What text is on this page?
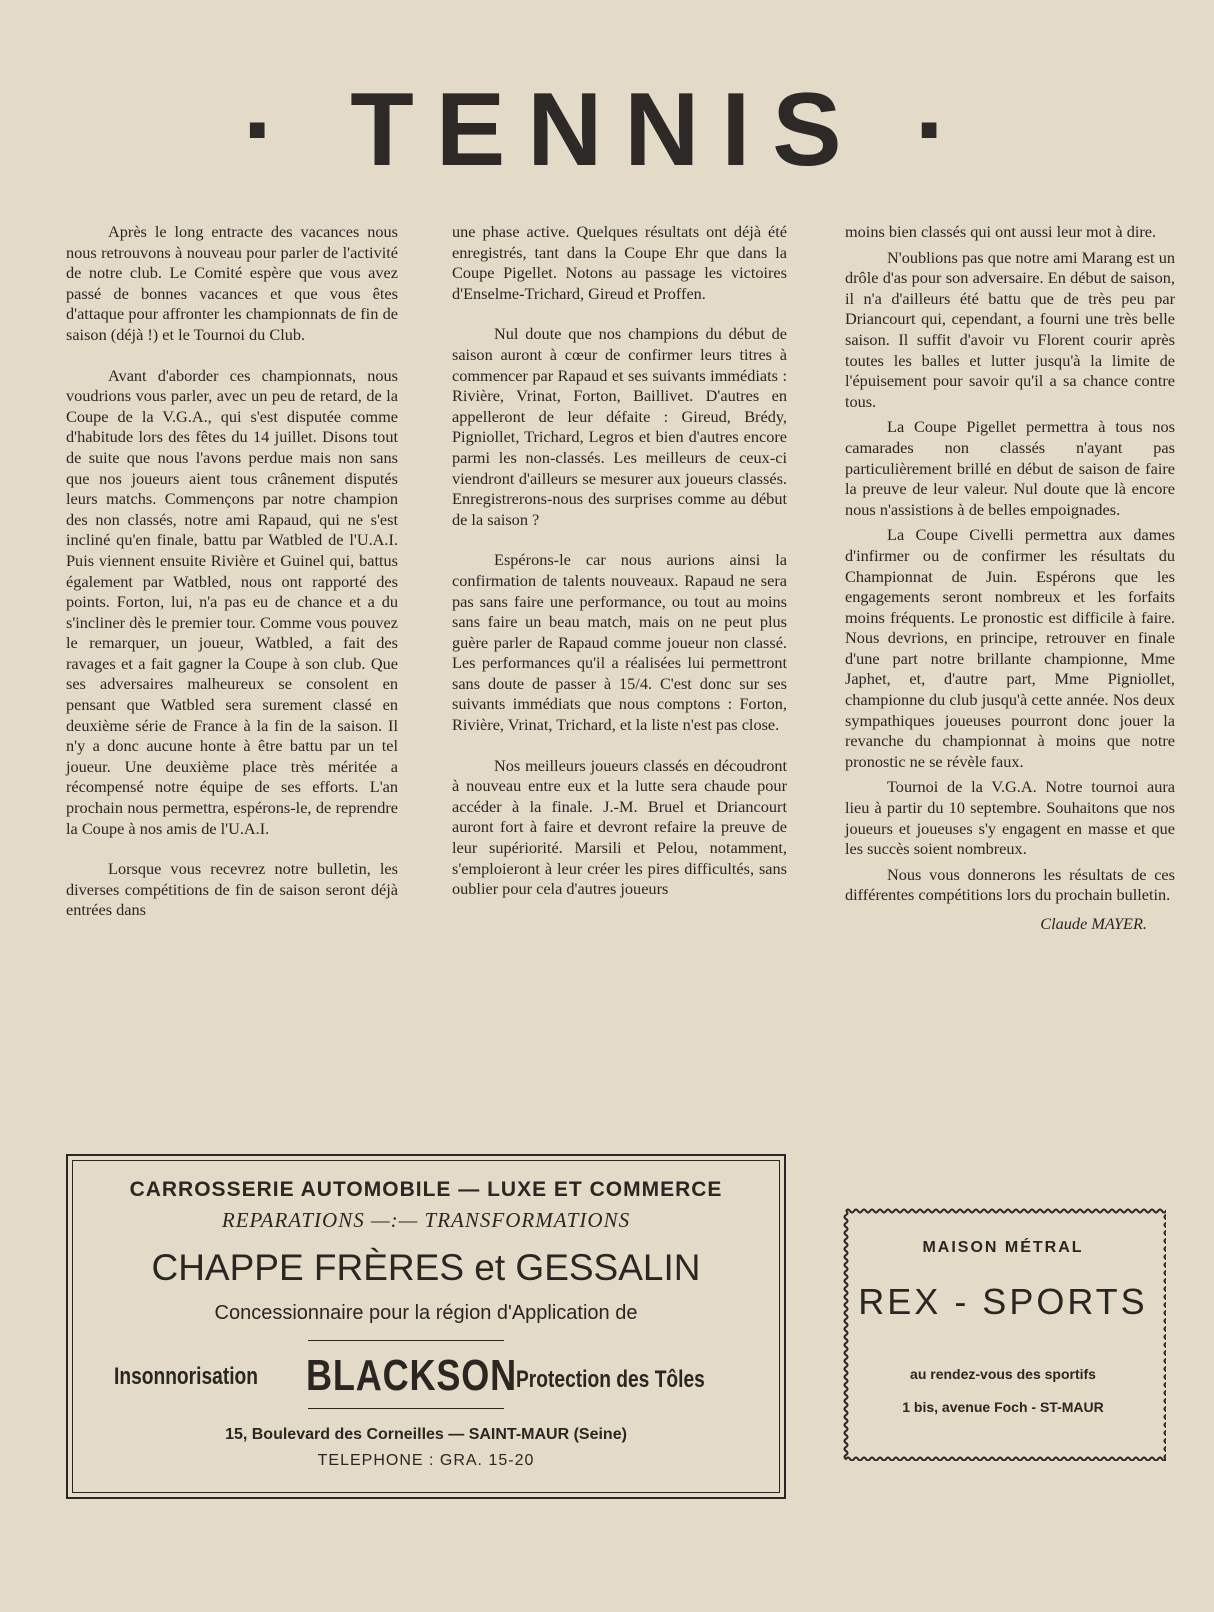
· TENNIS ·

Après le long entracte des vacances nous nous retrouvons à nouveau pour parler de l'activité de notre club. Le Comité espère que vous avez passé de bonnes vacances et que vous êtes d'attaque pour affronter les championnats de fin de saison (déjà !) et le Tournoi du Club.

Avant d'aborder ces championnats, nous voudrions vous parler, avec un peu de retard, de la Coupe de la V.G.A., qui s'est disputée comme d'habitude lors des fêtes du 14 juillet. Disons tout de suite que nous l'avons perdue mais non sans que nos joueurs aient tous crânement disputés leurs matchs. Commençons par notre champion des non classés, notre ami Rapaud, qui ne s'est incliné qu'en finale, battu par Watbled de l'U.A.I. Puis viennent ensuite Rivière et Guinel qui, battus également par Watbled, nous ont rapporté des points. Forton, lui, n'a pas eu de chance et a du s'incliner dès le premier tour. Comme vous pouvez le remarquer, un joueur, Watbled, a fait des ravages et a fait gagner la Coupe à son club. Que ses adversaires malheureux se consolent en pensant que Watbled sera surement classé en deuxième série de France à la fin de la saison. Il n'y a donc aucune honte à être battu par un tel joueur. Une deuxième place très méritée a récompensé notre équipe de ses efforts. L'an prochain nous permettra, espérons-le, de reprendre la Coupe à nos amis de l'U.A.I.

Lorsque vous recevrez notre bulletin, les diverses compétitions de fin de saison seront déjà entrées dans

une phase active. Quelques résultats ont déjà été enregistrés, tant dans la Coupe Ehr que dans la Coupe Pigellet. Notons au passage les victoires d'Enselme-Trichard, Gireud et Proffen.

Nul doute que nos champions du début de saison auront à cœur de confirmer leurs titres à commencer par Rapaud et ses suivants immédiats : Rivière, Vrinat, Forton, Baillivet. D'autres en appelleront de leur défaite : Gireud, Brédy, Pigniollet, Trichard, Legros et bien d'autres encore parmi les non-classés. Les meilleurs de ceux-ci viendront d'ailleurs se mesurer aux joueurs classés. Enregistrerons-nous des surprises comme au début de la saison ?

Espérons-le car nous aurions ainsi la confirmation de talents nouveaux. Rapaud ne sera pas sans faire une performance, ou tout au moins sans faire un beau match, mais on ne peut plus guère parler de Rapaud comme joueur non classé. Les performances qu'il a réalisées lui permettront sans doute de passer à 15/4. C'est donc sur ses suivants immédiats que nous comptons : Forton, Rivière, Vrinat, Trichard, et la liste n'est pas close.

Nos meilleurs joueurs classés en découdront à nouveau entre eux et la lutte sera chaude pour accéder à la finale. J.-M. Bruel et Driancourt auront fort à faire et devront refaire la preuve de leur supériorité. Marsili et Pelou, notamment, s'emploieront à leur créer les pires difficultés, sans oublier pour cela d'autres joueurs

moins bien classés qui ont aussi leur mot à dire.

N'oublions pas que notre ami Marang est un drôle d'as pour son adversaire. En début de saison, il n'a d'ailleurs été battu que de très peu par Driancourt qui, cependant, a fourni une très belle saison. Il suffit d'avoir vu Florent courir après toutes les balles et lutter jusqu'à la limite de l'épuisement pour savoir qu'il a sa chance contre tous.

La Coupe Pigellet permettra à tous nos camarades non classés n'ayant pas particulièrement brillé en début de saison de faire la preuve de leur valeur. Nul doute que là encore nous n'assistions à de belles empoignades.

La Coupe Civelli permettra aux dames d'infirmer ou de confirmer les résultats du Championnat de Juin. Espérons que les engagements seront nombreux et les forfaits moins fréquents. Le pronostic est difficile à faire. Nous devrions, en principe, retrouver en finale d'une part notre brillante championne, Mme Japhet, et, d'autre part, Mme Pigniollet, championne du club jusqu'à cette année. Nos deux sympathiques joueuses pourront donc jouer la revanche du championnat à moins que notre pronostic ne se révèle faux.

Tournoi de la V.G.A. Notre tournoi aura lieu à partir du 10 septembre. Souhaitons que nos joueurs et joueuses s'y engagent en masse et que les succès soient nombreux.

Nous vous donnerons les résultats de ces différentes compétitions lors du prochain bulletin.

Claude MAYER.

CARROSSERIE AUTOMOBILE — LUXE ET COMMERCE
REPARATIONS —:— TRANSFORMATIONS
CHAPPE FRÈRES et GESSALIN
Concessionnaire pour la région d'Application de
Insonnorisation BLACKSON
Protection des Tôles
15, Boulevard des Corneilles — SAINT-MAUR (Seine)
TELEPHONE : GRA. 15-20
MAISON MÉTRAL
REX - SPORTS
au rendez-vous des sportifs
1 bis, avenue Foch - ST-MAUR
